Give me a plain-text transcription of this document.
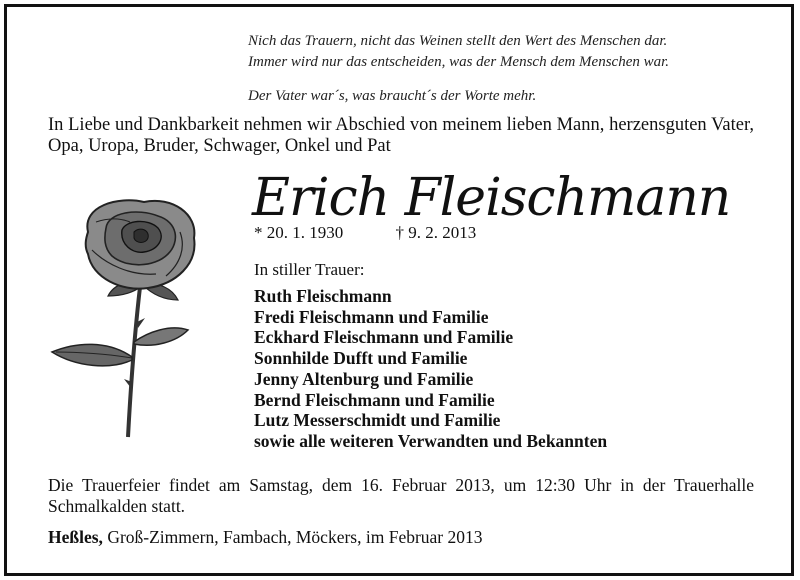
Nich das Trauern, nicht das Weinen stellt den Wert des Menschen dar.
Immer wird nur das entscheiden, was der Mensch dem Menschen war.
Der Vater war´s, was braucht´s der Worte mehr.
In Liebe und Dankbarkeit nehmen wir Abschied von meinem lieben Mann, herzensguten Vater, Opa, Uropa, Bruder, Schwager, Onkel und Pat
Erich Fleischmann
* 20. 1. 1930	† 9. 2. 2013
In stiller Trauer:
Ruth Fleischmann
Fredi Fleischmann und Familie
Eckhard Fleischmann und Familie
Sonnhilde Dufft und Familie
Jenny Altenburg und Familie
Bernd Fleischmann und Familie
Lutz Messerschmidt und Familie
sowie alle weiteren Verwandten und Bekannten
Die Trauerfeier findet am Samstag, dem 16. Februar 2013, um 12:30 Uhr in der Trauerhalle Schmalkalden statt.
Heßles, Groß-Zimmern, Fambach, Möckers, im Februar 2013
